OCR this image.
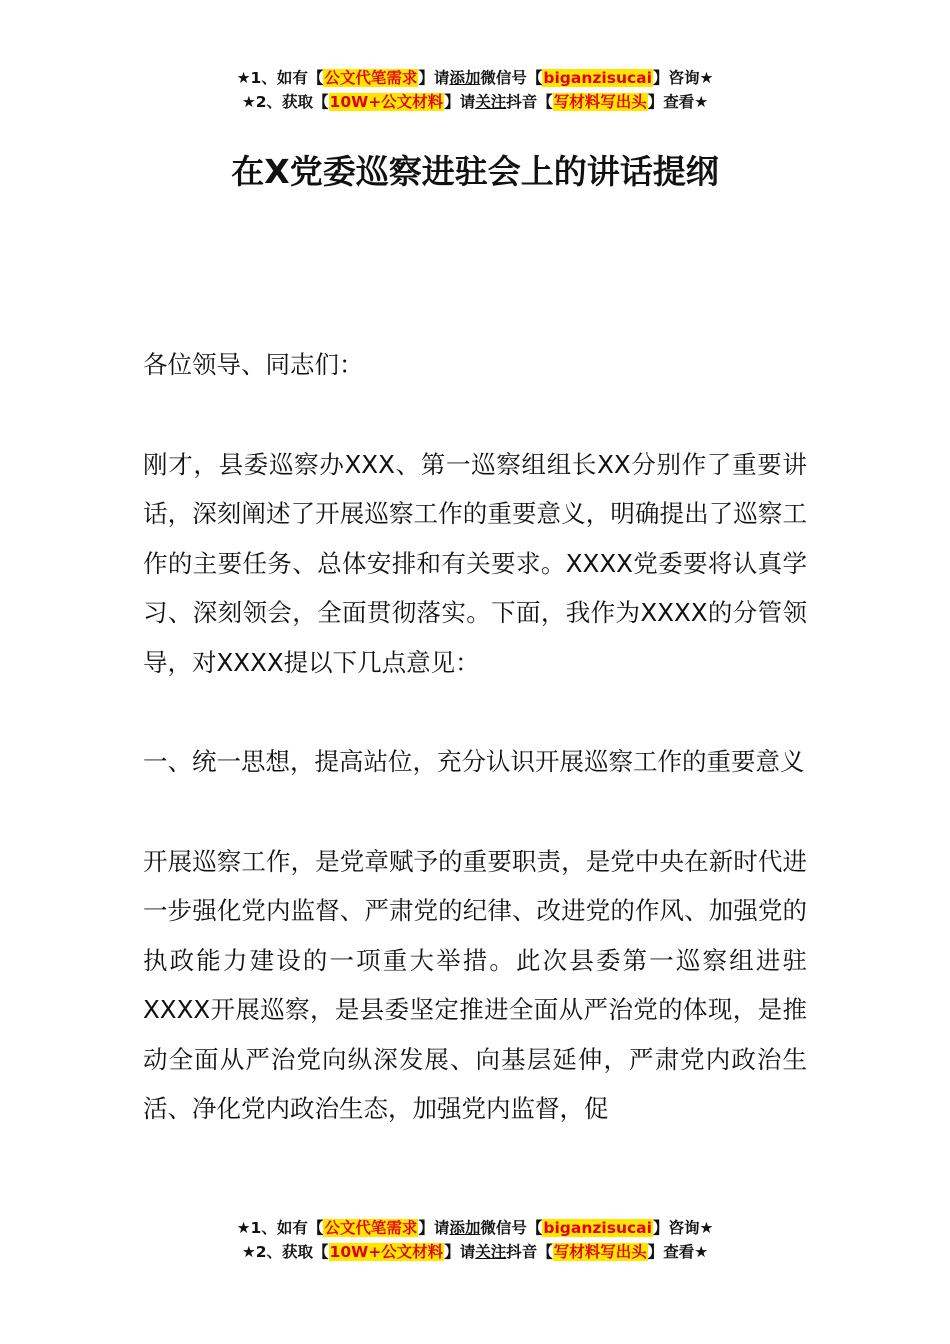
★1、如有【公文代笔需求】请添加微信号【biganzisucai】咨询★
★2、获取【10W+公文材料】请关注抖音【写材料写出头】查看★
在X党委巡察进驻会上的讲话提纲

各位领导、同志们：

刚才，县委巡察办XXX、第一巡察组组长XX分别作了重要讲话，深刻阐述了开展巡察工作的重要意义，明确提出了巡察工作的主要任务、总体安排和有关要求。XXXX党委要将认真学习、深刻领会，全面贯彻落实。下面，我作为XXXX的分管领导，对XXXX提以下几点意见：

一、统一思想，提高站位，充分认识开展巡察工作的重要意义

开展巡察工作，是党章赋予的重要职责，是党中央在新时代进一步强化党内监督、严肃党的纪律、改进党的作风、加强党的执政能力建设的一项重大举措。此次县委第一巡察组进驻XXXX开展巡察，是县委坚定推进全面从严治党的体现，是推动全面从严治党向纵深发展、向基层延伸，严肃党内政治生活、净化党内政治生态，加强党内监督，促

★1、如有【公文代笔需求】请添加微信号【biganzisucai】咨询★
★2、获取【10W+公文材料】请关注抖音【写材料写出头】查看★
